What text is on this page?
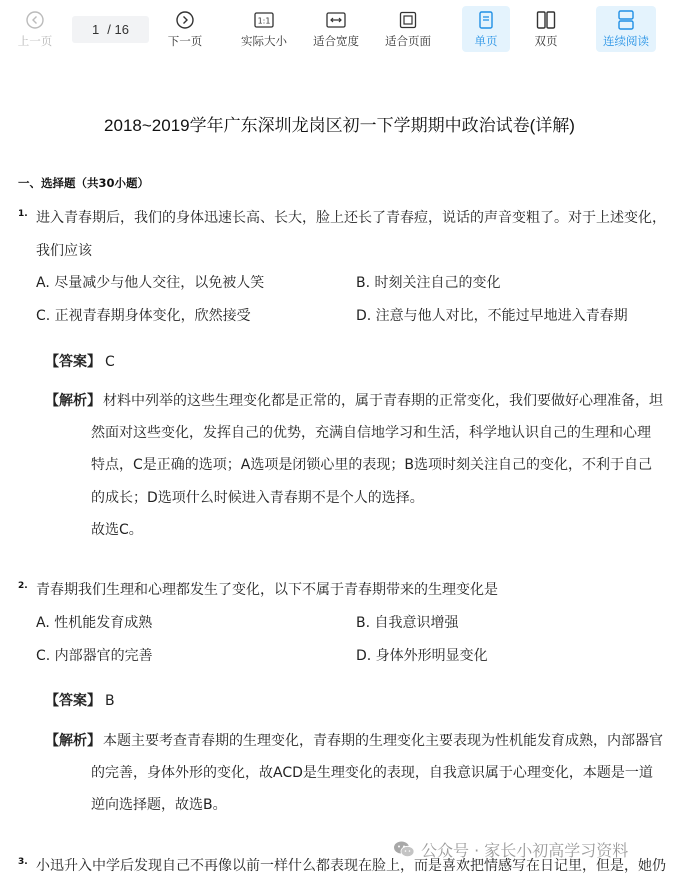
上一页
1 / 16
下一页
1:1
实际大小 适合宽度 适合页面	单页	双页	连续阅读
2018~2019学年广东深圳龙岗区初一下学期期中政治试卷(详解)
一、选择题（共30小题）
1. 进入青春期后，我们的身体迅速长高、长大，脸上还长了青春痘，说话的声音变粗了。对于上述变化，
我们应该
A. 尽量减少与他人交往，以免被人笑	B. 时刻关注自己的变化
C. 正视青春期身体变化，欣然接受	D. 注意与他人对比，不能过早地进入青春期
【答案】 C
【解析】 材料中列举的这些生理变化都是正常的，属于青春期的正常变化，我们要做好心理准备，坦
然面对这些变化，发挥自己的优势，充满自信地学习和生活，科学地认识自己的生理和心理
特点，C是正确的选项；A选项是闭锁心里的表现；B选项时刻关注自己的变化，不利于自己
的成长；D选项什么时候进入青春期不是个人的选择。
故选C。
2. 青春期我们生理和心理都发生了变化，以下不属于青春期带来的生理变化是
A. 性机能发育成熟	B. 自我意识增强
C. 内部器官的完善	D. 身体外形明显变化
【答案】 B
【解析】 本题主要考查青春期的生理变化，青春期的生理变化主要表现为性机能发育成熟，内部器官
的完善，身体外形的变化，故ACD是生理变化的表现，自我意识属于心理变化，本题是一道
逆向选择题，故选B。
3. 小迅升入中学后发现自己不再像以前一样什么都表现在脸上，而是喜欢把情感写在日记里，但是，她仍
公众号 · 家长小初高学习资料
